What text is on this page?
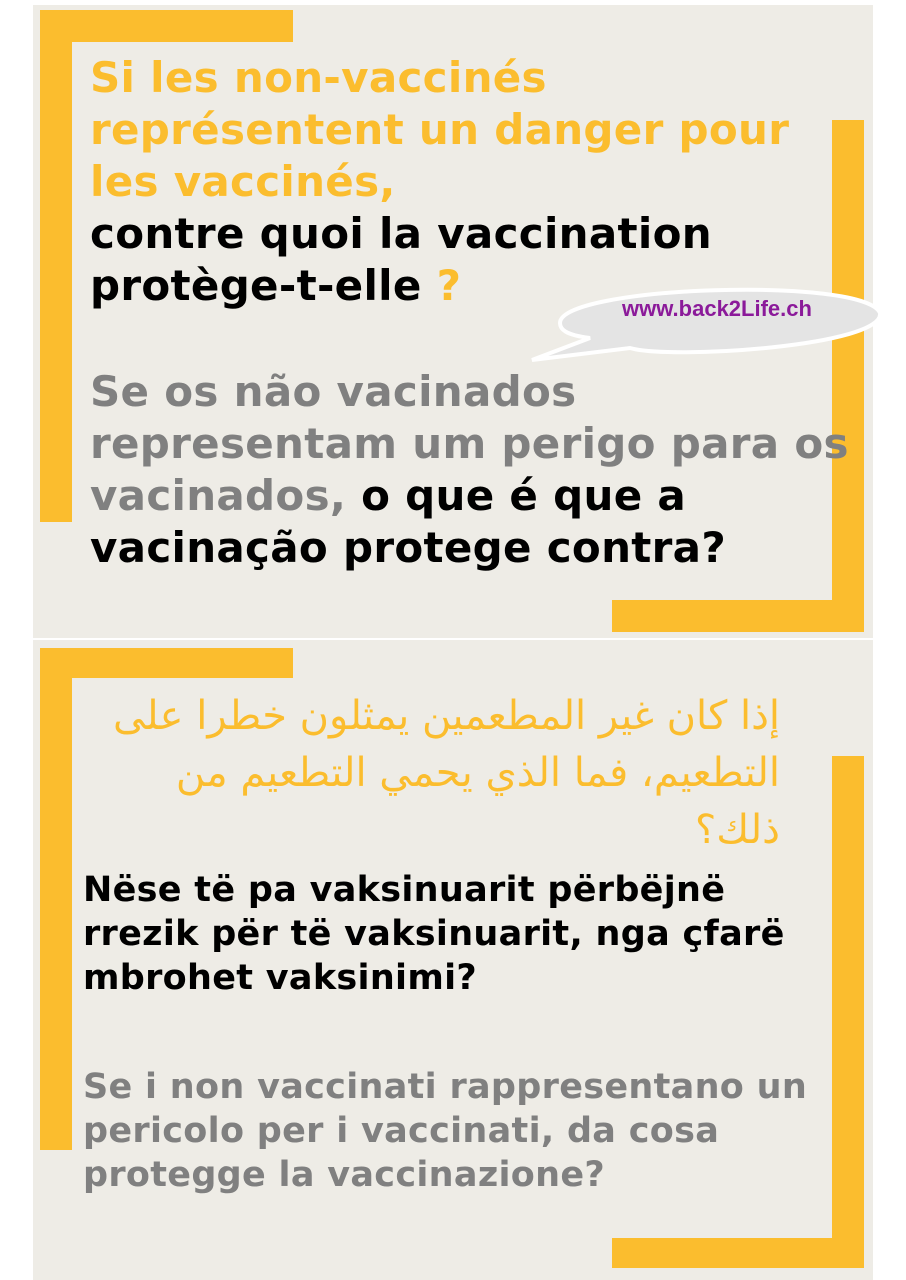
Si les non-vaccinés représentent un danger pour les vaccinés,
contre quoi la vaccination protège-t-elle ?	www.back2Life.ch

Se os não vacinados representam um perigo para os vacinados, o que é que a vacinação protege contra?

إذا كان غير المطعمين يمثلون خطرا على التطعيم، فما الذي يحمي التطعيم من ذلك؟

Nëse të pa vaksinuarit përbëjnë rrezik për të vaksinuarit, nga çfarë mbrohet vaksinimi?

Se i non vaccinati rappresentano un pericolo per i vaccinati, da cosa protegge la vaccinazione?
